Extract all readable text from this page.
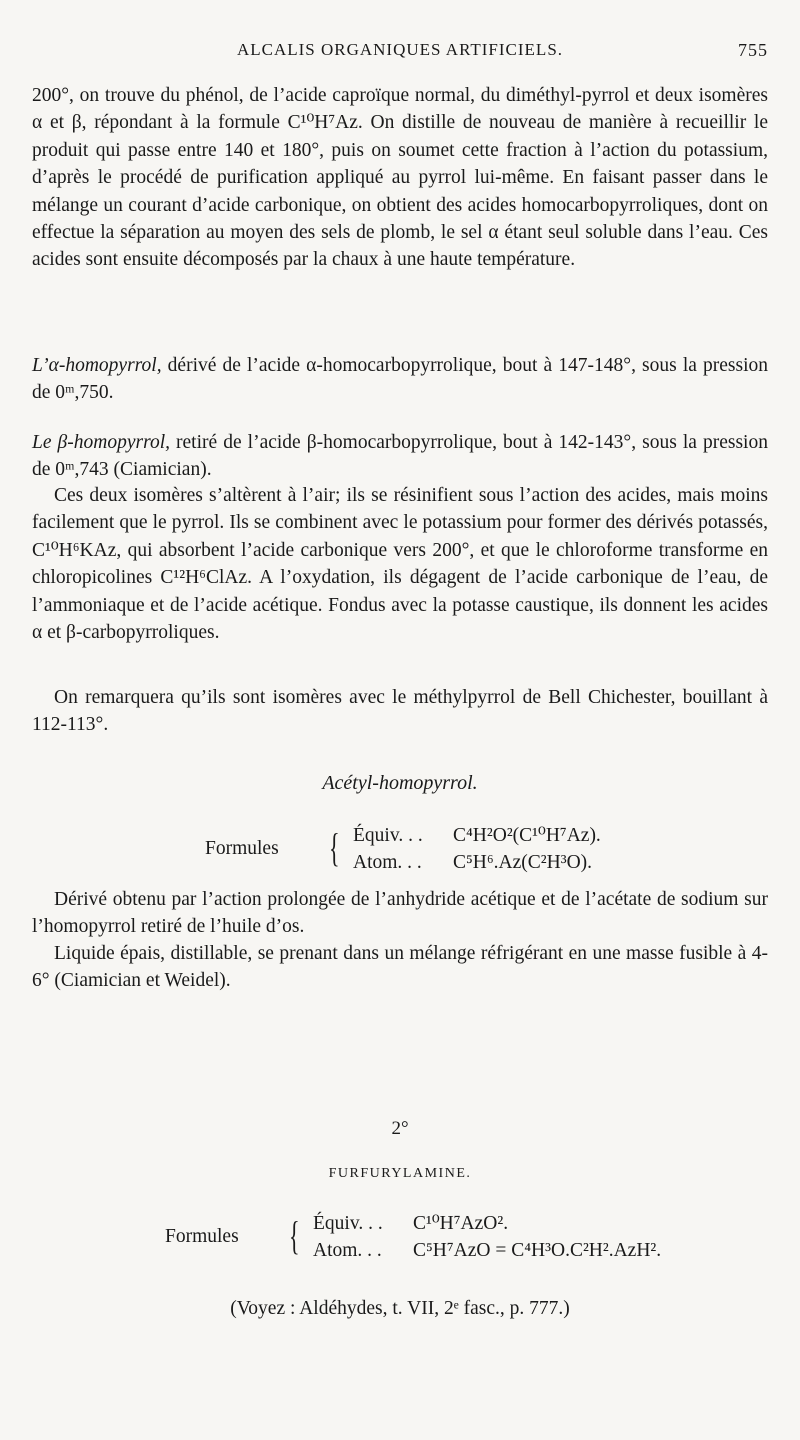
ALCALIS ORGANIQUES ARTIFICIELS.	755

200°, on trouve du phénol, de l’acide caproïque normal, du diméthyl-pyrrol et deux isomères α et β, répondant à la formule C¹⁰H⁷Az. On distille de nouveau de manière à recueillir le produit qui passe entre 140 et 180°, puis on soumet cette fraction à l’action du potassium, d’après le procédé de purification appliqué au pyrrol lui-même. En faisant passer dans le mélange un courant d’acide carbonique, on obtient des acides homocarbopyrroliques, dont on effectue la séparation au moyen des sels de plomb, le sel α étant seul soluble dans l’eau. Ces acides sont ensuite décomposés par la chaux à une haute température.

L’α-homopyrrol, dérivé de l’acide α-homocarbopyrrolique, bout à 147-148°, sous la pression de 0ᵐ,750.

Le β-homopyrrol, retiré de l’acide β-homocarbopyrrolique, bout à 142-143°, sous la pression de 0ᵐ,743 (Ciamician).

Ces deux isomères s’altèrent à l’air; ils se résinifient sous l’action des acides, mais moins facilement que le pyrrol. Ils se combinent avec le potassium pour former des dérivés potassés, C¹⁰H⁶KAz, qui absorbent l’acide carbonique vers 200°, et que le chloroforme transforme en chloropicolines C¹²H⁶ClAz. A l’oxydation, ils dégagent de l’acide carbonique de l’eau, de l’ammoniaque et de l’acide acétique. Fondus avec la potasse caustique, ils donnent les acides α et β-carbopyrroliques.

On remarquera qu’ils sont isomères avec le méthylpyrrol de Bell Chichester, bouillant à 112-113°.

Acétyl-homopyrrol.
Formules { Équiv. . . C⁴H²O²(C¹⁰H⁷Az).
Atom. . . C⁵H⁶.Az(C²H³O).

Dérivé obtenu par l’action prolongée de l’anhydride acétique et de l’acétate de sodium sur l’homopyrrol retiré de l’huile d’os.

Liquide épais, distillable, se prenant dans un mélange réfrigérant en une masse fusible à 4-6° (Ciamician et Weidel).

2°
FURFURYLAMINE.
Formules { Équiv. . . C¹⁰H⁷AzO².
Atom. . . C⁵H⁷AzO = C⁴H³O.C²H².AzH².
(Voyez : Aldéhydes, t. VII, 2ᵉ fasc., p. 777.)
